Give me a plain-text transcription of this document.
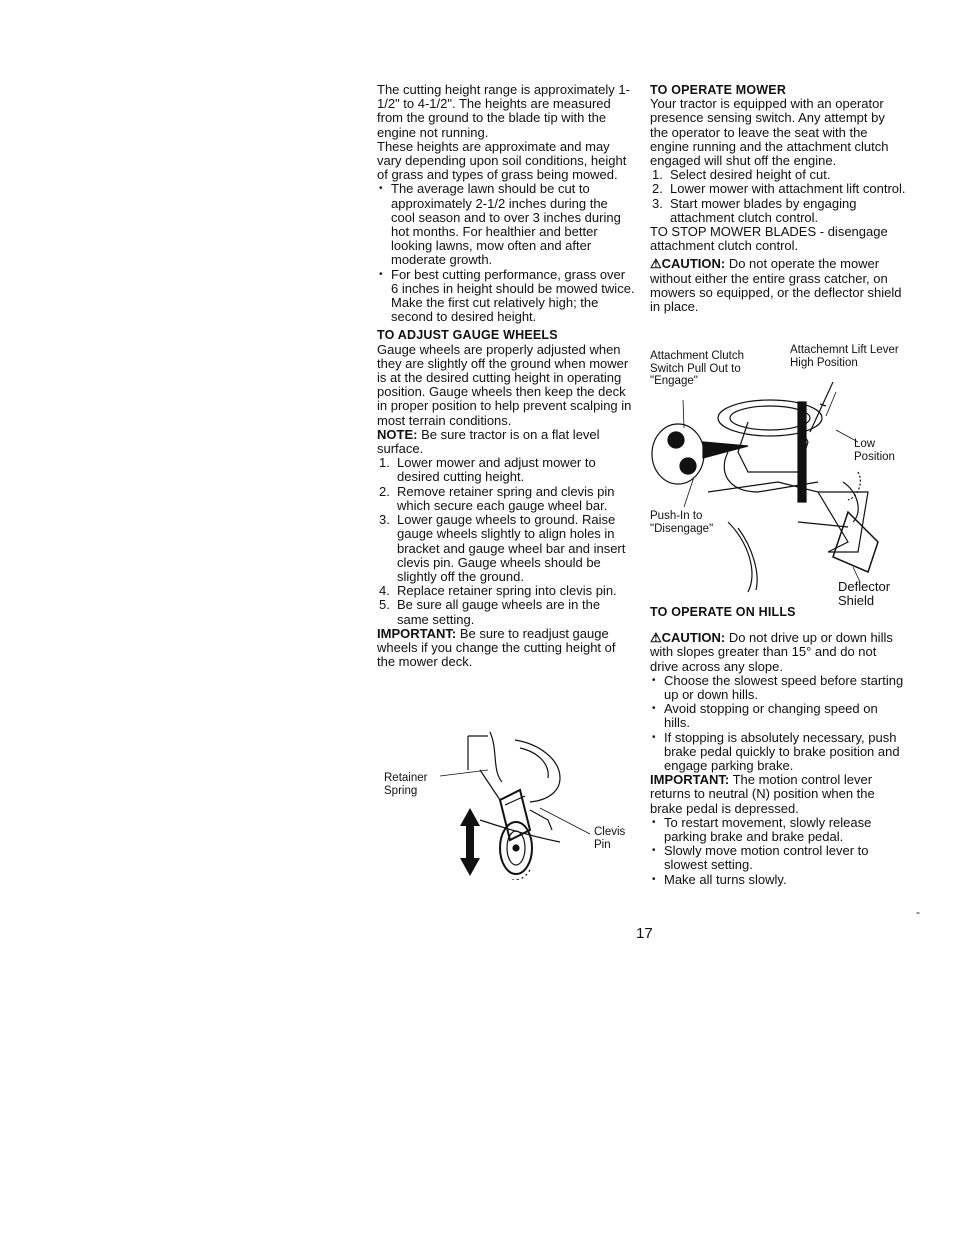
The cutting height range is approximately 1-1/2" to 4-1/2". The heights are measured from the ground to the blade tip with the engine not running.

These heights are approximate and may vary depending upon soil conditions, height of grass and types of grass being mowed.

• The average lawn should be cut to approximately 2-1/2 inches during the cool season and to over 3 inches during hot months. For healthier and better looking lawns, mow often and after moderate growth.

• For best cutting performance, grass over 6 inches in height should be mowed twice. Make the first cut relatively high; the second to desired height.

TO ADJUST GAUGE WHEELS

Gauge wheels are properly adjusted when they are slightly off the ground when mower is at the desired cutting height in operating position. Gauge wheels then keep the deck in proper position to help prevent scalping in most terrain conditions.

NOTE: Be sure tractor is on a flat level surface.

1. Lower mower and adjust mower to desired cutting height.

2. Remove retainer spring and clevis pin which secure each gauge wheel bar.

3. Lower gauge wheels to ground. Raise gauge wheels slightly to align holes in bracket and gauge wheel bar and insert clevis pin. Gauge wheels should be slightly off the ground.

4. Replace retainer spring into clevis pin.

5. Be sure all gauge wheels are in the same setting.

IMPORTANT: Be sure to readjust gauge wheels if you change the cutting height of the mower deck.

Retainer Spring
Clevis Pin

TO OPERATE MOWER

Your tractor is equipped with an operator presence sensing switch. Any attempt by the operator to leave the seat with the engine running and the attachment clutch engaged will shut off the engine.

1. Select desired height of cut.

2. Lower mower with attachment lift control.

3. Start mower blades by engaging attachment clutch control.

TO STOP MOWER BLADES - disengage attachment clutch control.

⚠CAUTION: Do not operate the mower without either the entire grass catcher, on mowers so equipped, or the deflector shield in place.

Attachment Clutch Switch Pull Out to "Engage"
Attachemnt Lift Lever High Position
Low Position
Push-In to "Disengage"
Deflector Shield

TO OPERATE ON HILLS

⚠CAUTION: Do not drive up or down hills with slopes greater than 15° and do not drive across any slope.

• Choose the slowest speed before starting up or down hills.

• Avoid stopping or changing speed on hills.

• If stopping is absolutely necessary, push brake pedal quickly to brake position and engage parking brake.

IMPORTANT: The motion control lever returns to neutral (N) position when the brake pedal is depressed.

• To restart movement, slowly release parking brake and brake pedal.

• Slowly move motion control lever to slowest setting.

• Make all turns slowly.

-
17
